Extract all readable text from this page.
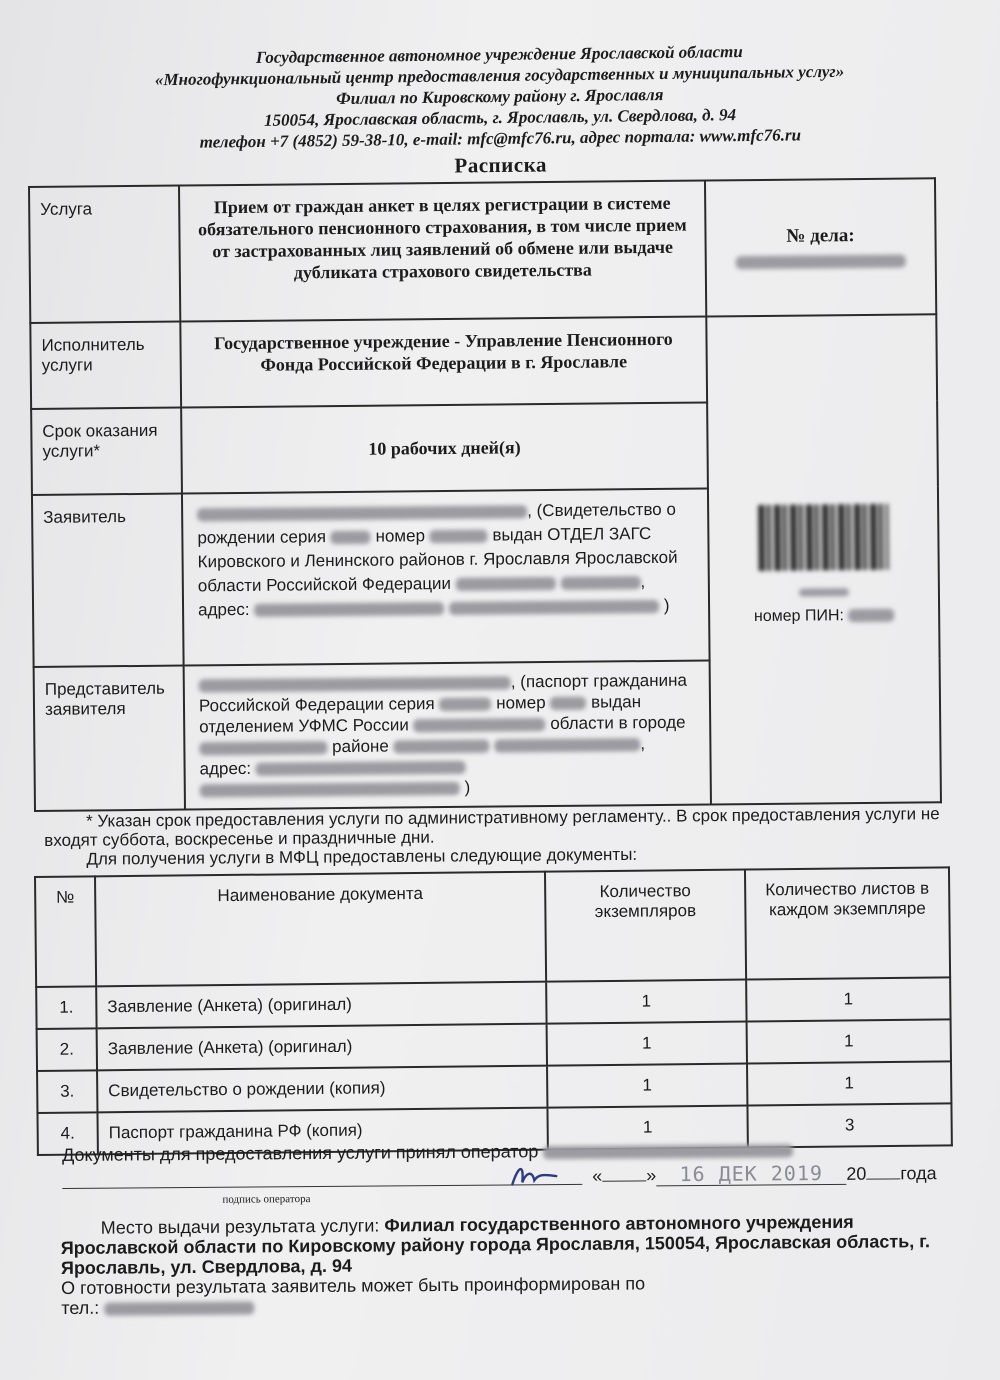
Государственное автономное учреждение Ярославской области
«Многофункциональный центр предоставления государственных и муниципальных услуг»
Филиал по Кировскому району г. Ярославля
150054, Ярославская область, г. Ярославль, ул. Свердлова, д. 94
телефон +7 (4852) 59-38-10, e-mail: mfc@mfc76.ru, адрес портала: www.mfc76.ru
Расписка
Услуга	Прием от граждан анкет в целях регистрации в системе обязательного пенсионного страхования, в том числе прием от застрахованных лиц заявлений об обмене или выдаче дубликата страхового свидетельства	№ дела:

Исполнитель услуги	Государственное учреждение - Управление Пенсионного Фонда Российской Федерации в г. Ярославле	номер ПИН:
Срок оказания услуги*	10 рабочих дней(я)	
Заявитель	, (Свидетельство о рождении серия номер выдан ОТДЕЛ ЗАГС Кировского и Ленинского районов г. Ярославля Ярославской области Российской Федерации , адрес: )	
Представитель заявителя	, (паспорт гражданина Российской Федерации серия номер выдан отделением УФМС России области в городе  районе , адрес:   )	

* Указан срок предоставления услуги по административному регламенту.. В срок предоставления услуги не входят суббота, воскресенье и праздничные дни.

Для получения услуги в МФЦ предоставлены следующие документы:

№	Наименование документа	Количество экземпляров	Количество листов в каждом экземпляре
1.	Заявление (Анкета) (оригинал)	1	1
2.	Заявление (Анкета) (оригинал)	1	1
3.	Свидетельство о рождении (копия)	1	1
4.	Паспорт гражданина РФ (копия)	1	3
Документы для предоставления услуги принял оператор
подпись оператора
« » 16 ДЕК 2019 20 года
Место выдачи результата услуги: Филиал государственного автономного учреждения Ярославской области по Кировскому району города Ярославля, 150054, Ярославская область, г. Ярославль, ул. Свердлова, д. 94
О готовности результата заявитель может быть проинформирован по
тел.:
